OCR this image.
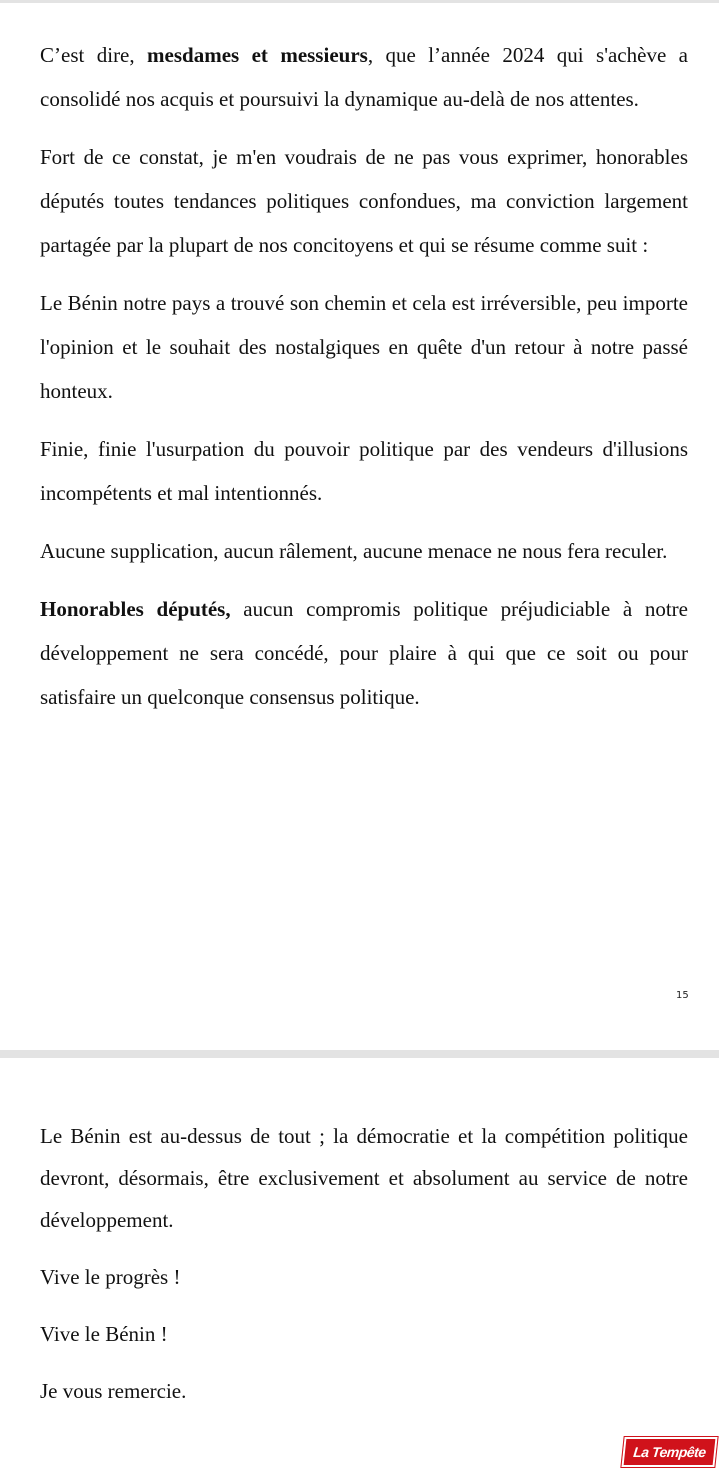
C’est dire, mesdames et messieurs, que l’année 2024 qui s'achève a consolidé nos acquis et poursuivi la dynamique au-delà de nos attentes.

Fort de ce constat, je m'en voudrais de ne pas vous exprimer, honorables députés toutes tendances politiques confondues, ma conviction largement partagée par la plupart de nos concitoyens et qui se résume comme suit :

Le Bénin notre pays a trouvé son chemin et cela est irréversible, peu importe l'opinion et le souhait des nostalgiques en quête d'un retour à notre passé honteux.

Finie, finie l'usurpation du pouvoir politique par des vendeurs d'illusions incompétents et mal intentionnés.

Aucune supplication, aucun râlement, aucune menace ne nous fera reculer.

Honorables députés, aucun compromis politique préjudiciable à notre développement ne sera concédé, pour plaire à qui que ce soit ou pour satisfaire un quelconque consensus politique.

15

Le Bénin est au-dessus de tout ; la démocratie et la compétition politique devront, désormais, être exclusivement et absolument au service de notre développement.

Vive le progrès !

Vive le Bénin !

Je vous remercie.

La Tempête
